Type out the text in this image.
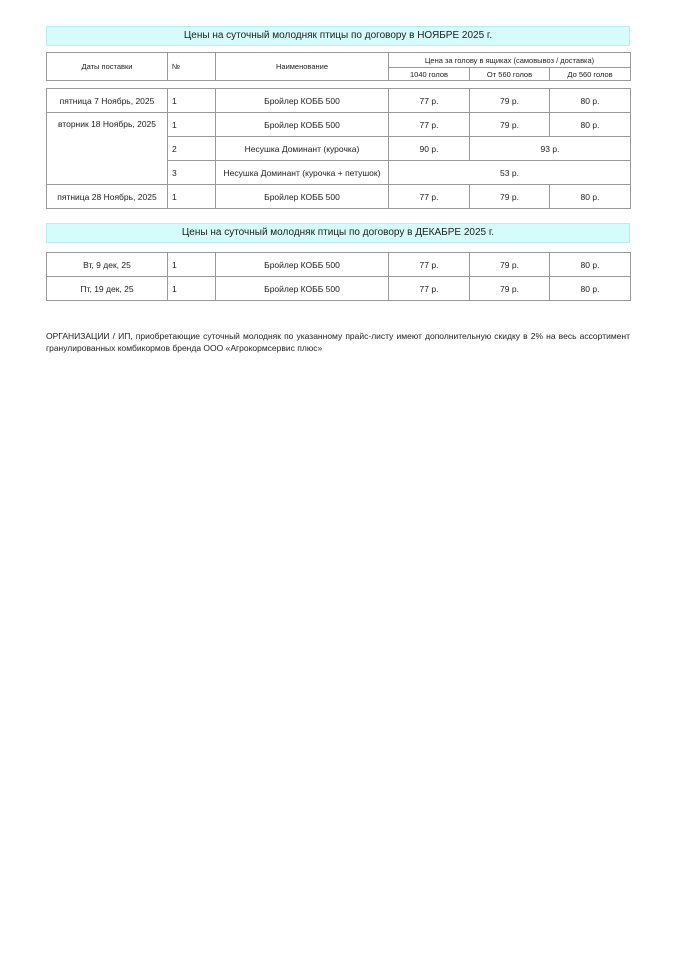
Цены на суточный молодняк птицы по договору в НОЯБРЕ 2025 г.
Даты поставки	№	Наименование	Цена за голову в ящиках (самовывоз / доставка)		
			1040 голов	От 560 голов	До 560 голов
пятница 7 Ноябрь, 2025	1	Бройлер КОББ 500	77 р.	79 р.	80 р.
вторник 18 Ноябрь, 2025	1	Бройлер КОББ 500	77 р.	79 р.	80 р.
	2	Несушка Доминант (курочка)	90 р.	93 р.	
	3	Несушка Доминант (курочка + петушок)	53 р.		
пятница 28 Ноябрь, 2025	1	Бройлер КОББ 500	77 р.	79 р.	80 р.
Цены на суточный молодняк птицы по договору в ДЕКАБРЕ 2025 г.
Вт, 9 дек, 25	1	Бройлер КОББ 500	77 р.	79 р.	80 р.
Пт, 19 дек, 25	1	Бройлер КОББ 500	77 р.	79 р.	80 р.
ОРГАНИЗАЦИИ / ИП, приобретающие суточный молодняк по указанному прайс-листу имеют дополнительную скидку в 2% на весь ассортимент гранулированных комбикормов бренда ООО «Агрокормсервис плюс»
